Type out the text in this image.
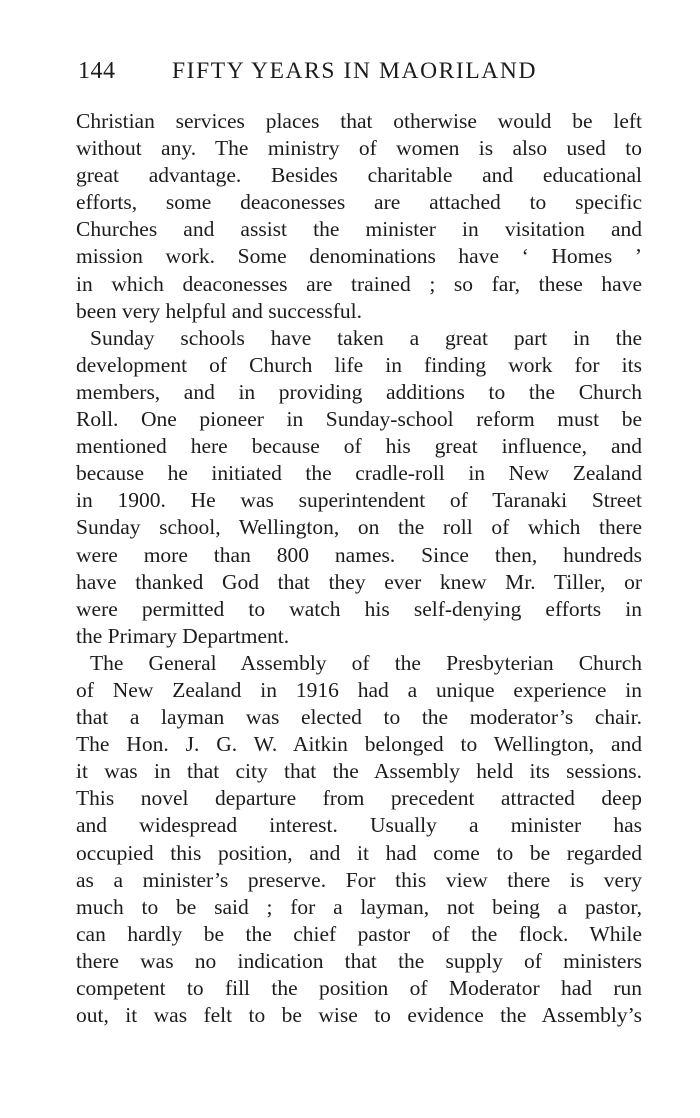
144 FIFTY YEARS IN MAORILAND
Christian services places that otherwise would be left
without any. The ministry of women is also used to
great advantage. Besides charitable and educational
efforts, some deaconesses are attached to specific
Churches and assist the minister in visitation and
mission work. Some denominations have ‘ Homes ’
in which deaconesses are trained ; so far, these have
been very helpful and successful.
Sunday schools have taken a great part in the
development of Church life in finding work for its
members, and in providing additions to the Church
Roll. One pioneer in Sunday-school reform must be
mentioned here because of his great influence, and
because he initiated the cradle-roll in New Zealand
in 1900. He was superintendent of Taranaki Street
Sunday school, Wellington, on the roll of which there
were more than 800 names. Since then, hundreds
have thanked God that they ever knew Mr. Tiller, or
were permitted to watch his self-denying efforts in
the Primary Department.
The General Assembly of the Presbyterian Church
of New Zealand in 1916 had a unique experience in
that a layman was elected to the moderator’s chair.
The Hon. J. G. W. Aitkin belonged to Wellington, and
it was in that city that the Assembly held its sessions.
This novel departure from precedent attracted deep
and widespread interest. Usually a minister has
occupied this position, and it had come to be regarded
as a minister’s preserve. For this view there is very
much to be said ; for a layman, not being a pastor,
can hardly be the chief pastor of the flock. While
there was no indication that the supply of ministers
competent to fill the position of Moderator had run
out, it was felt to be wise to evidence the Assembly’s
